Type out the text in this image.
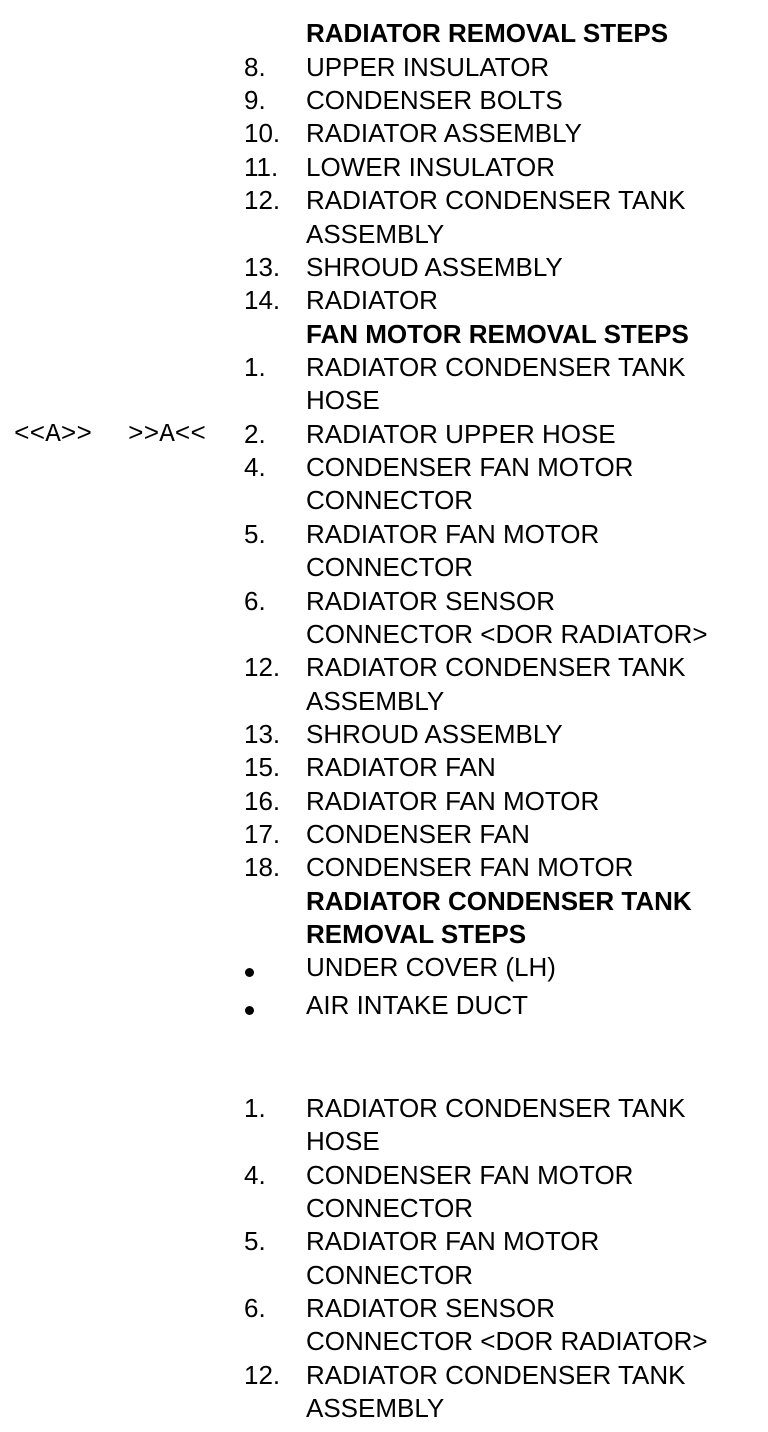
RADIATOR REMOVAL STEPS
8. UPPER INSULATOR
9. CONDENSER BOLTS
10. RADIATOR ASSEMBLY
11. LOWER INSULATOR
12. RADIATOR CONDENSER TANK
ASSEMBLY
13. SHROUD ASSEMBLY
14. RADIATOR
FAN MOTOR REMOVAL STEPS
1. RADIATOR CONDENSER TANK
HOSE
<<A>> >>A<< 2. RADIATOR UPPER HOSE
4. CONDENSER FAN MOTOR
CONNECTOR
5. RADIATOR FAN MOTOR
CONNECTOR
6. RADIATOR SENSOR
CONNECTOR <DOR RADIATOR>
12. RADIATOR CONDENSER TANK
ASSEMBLY
13. SHROUD ASSEMBLY
15. RADIATOR FAN
16. RADIATOR FAN MOTOR
17. CONDENSER FAN
18. CONDENSER FAN MOTOR
RADIATOR CONDENSER TANK
REMOVAL STEPS
UNDER COVER (LH)
AIR INTAKE DUCT
1. RADIATOR CONDENSER TANK
HOSE
4. CONDENSER FAN MOTOR
CONNECTOR
5. RADIATOR FAN MOTOR
CONNECTOR
6. RADIATOR SENSOR
CONNECTOR <DOR RADIATOR>
12. RADIATOR CONDENSER TANK
ASSEMBLY
